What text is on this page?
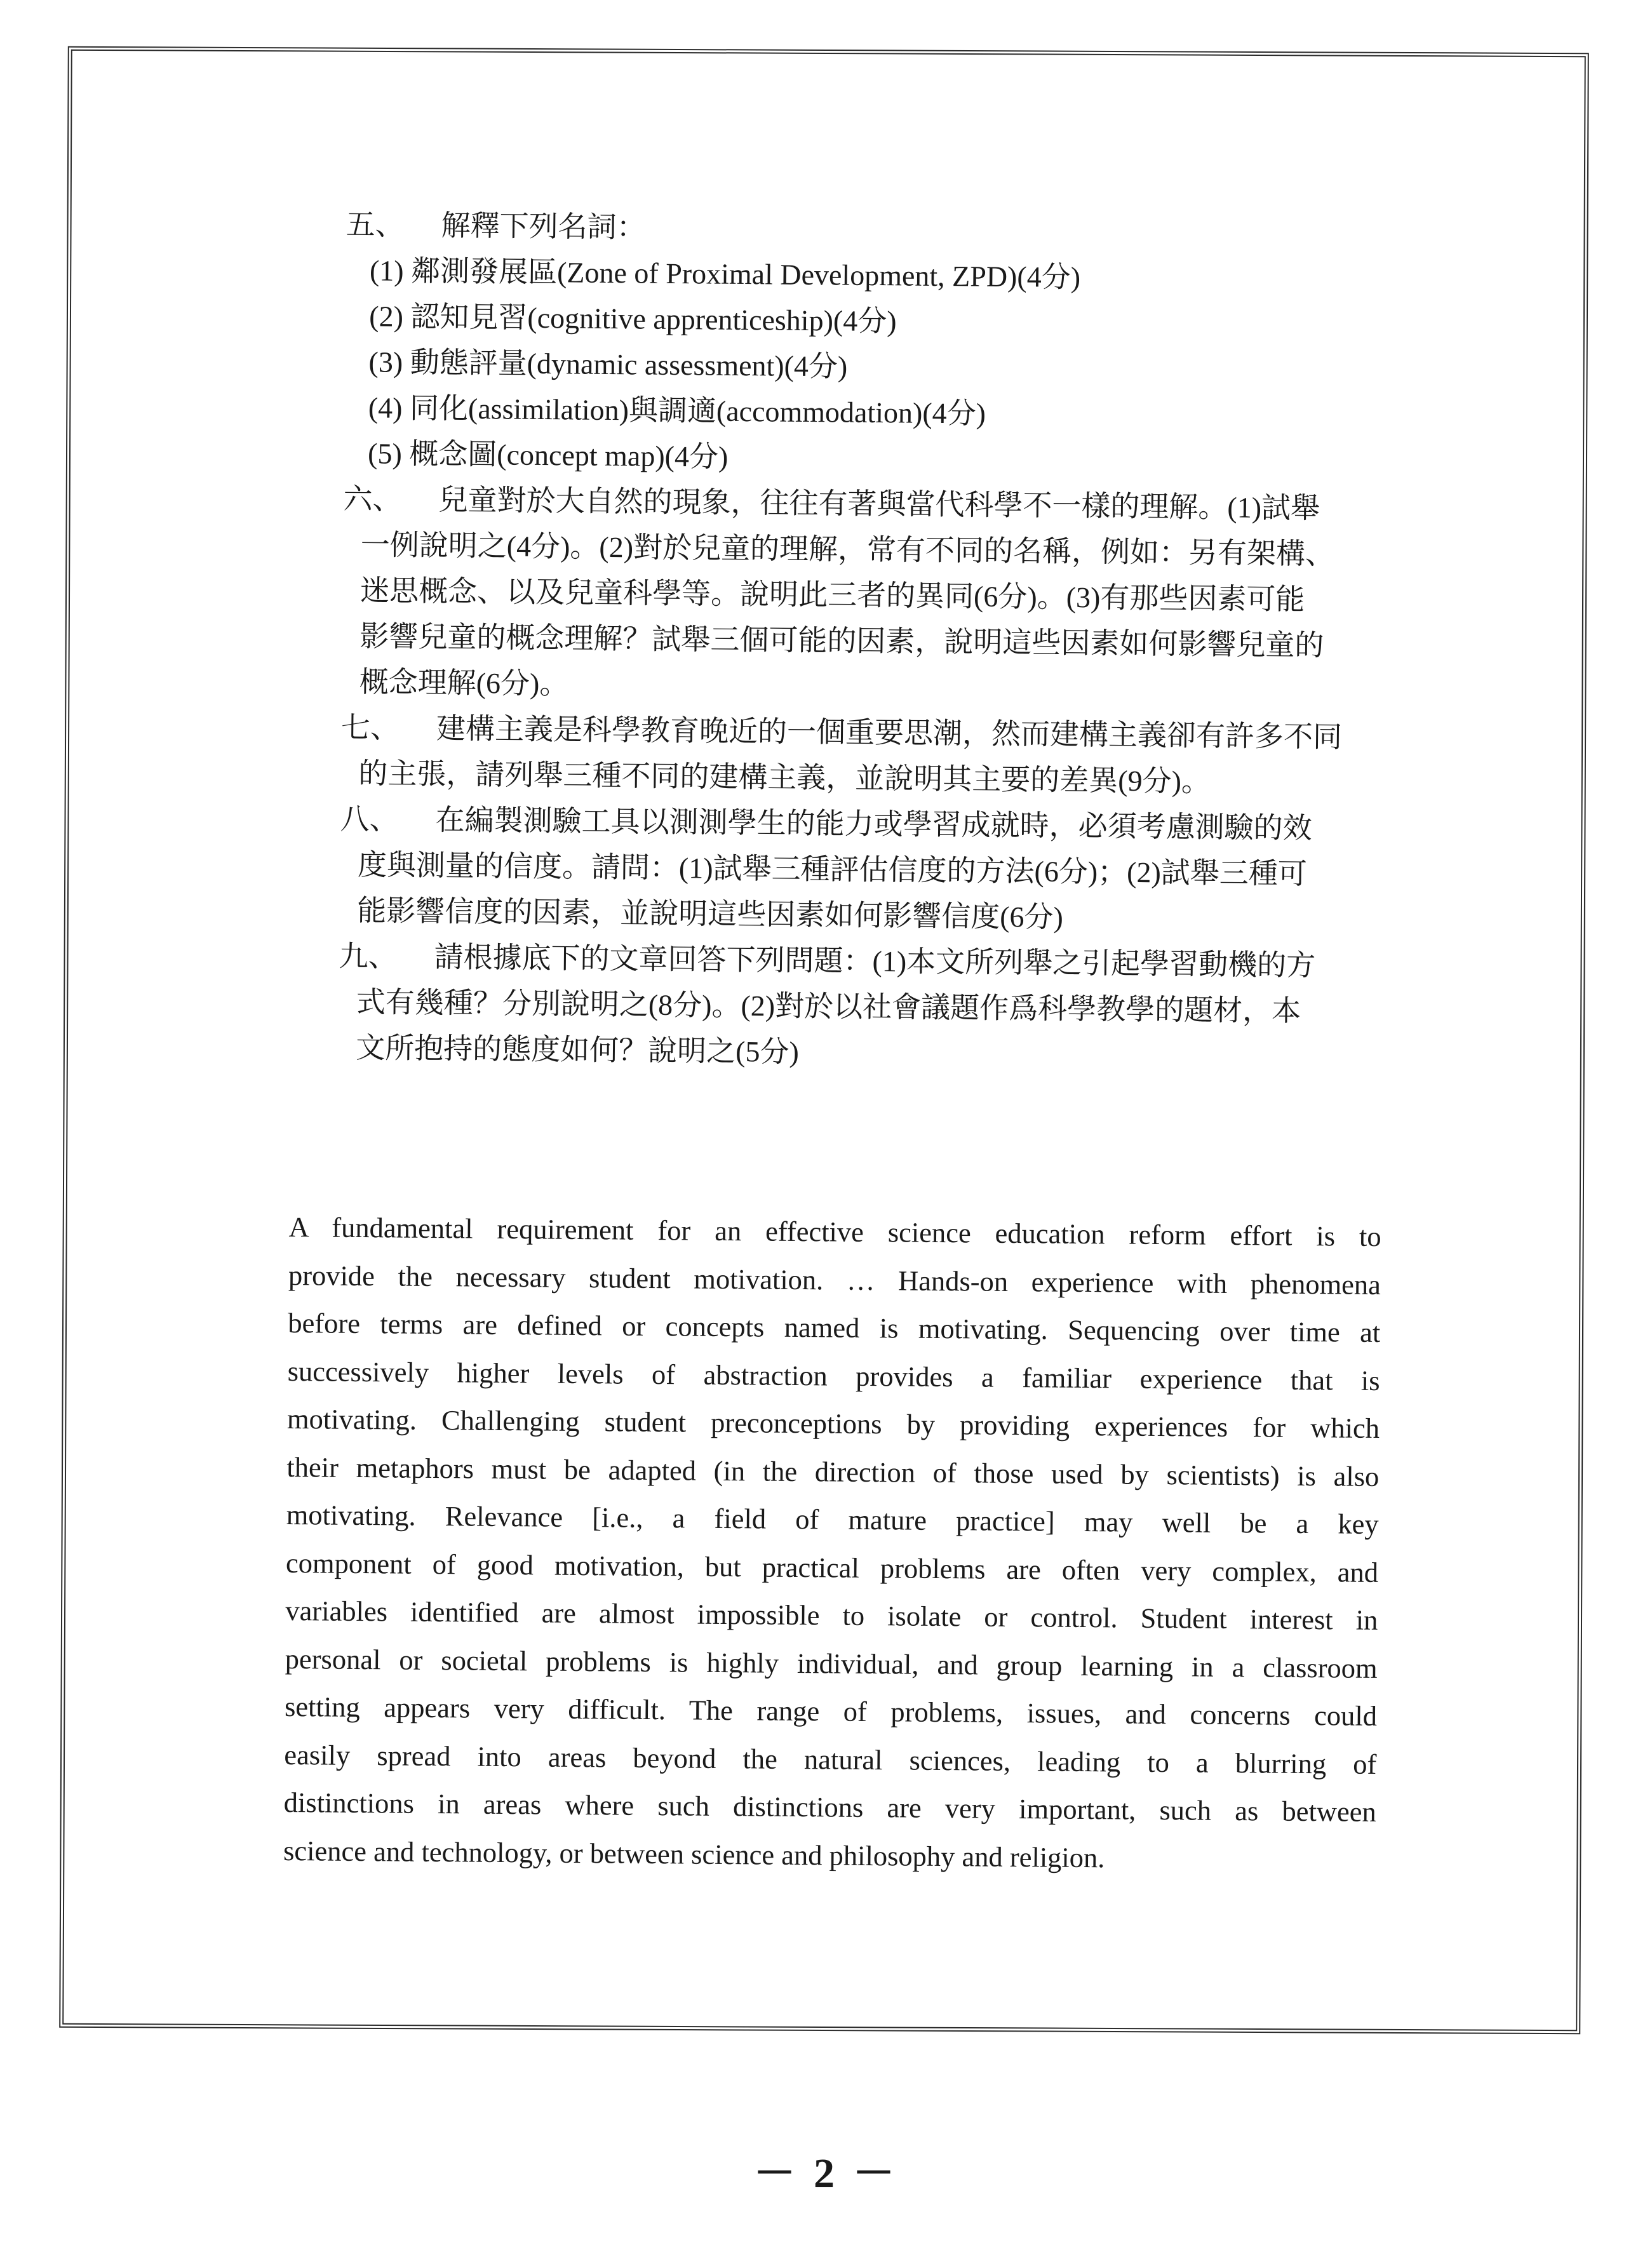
五、	解釋下列名詞：
(1) 鄰測發展區(Zone of Proximal Development, ZPD)(4分)
(2) 認知見習(cognitive apprenticeship)(4分)
(3) 動態評量(dynamic assessment)(4分)
(4) 同化(assimilation)與調適(accommodation)(4分)
(5) 概念圖(concept map)(4分)
六、	兒童對於大自然的現象，往往有著與當代科學不一樣的理解。(1)試舉
一例說明之(4分)。(2)對於兒童的理解，常有不同的名稱，例如：另有架構、
迷思概念、以及兒童科學等。說明此三者的異同(6分)。(3)有那些因素可能
影響兒童的概念理解？試舉三個可能的因素，說明這些因素如何影響兒童的
概念理解(6分)。
七、	建構主義是科學教育晚近的一個重要思潮，然而建構主義卻有許多不同
的主張，請列舉三種不同的建構主義，並說明其主要的差異(9分)。
八、	在編製測驗工具以測測學生的能力或學習成就時，必須考慮測驗的效
度與測量的信度。請問：(1)試舉三種評估信度的方法(6分)；(2)試舉三種可
能影響信度的因素，並說明這些因素如何影響信度(6分)
九、	請根據底下的文章回答下列問題：(1)本文所列舉之引起學習動機的方
式有幾種？分別說明之(8分)。(2)對於以社會議題作爲科學教學的題材，本
文所抱持的態度如何？說明之(5分)
A fundamental requirement for an effective science education reform effort is to
provide the necessary student motivation. … Hands-on experience with phenomena
before terms are defined or concepts named is motivating. Sequencing over time at
successively higher levels of abstraction provides a familiar experience that is
motivating. Challenging student preconceptions by providing experiences for which
their metaphors must be adapted (in the direction of those used by scientists) is also
motivating. Relevance [i.e., a field of mature practice] may well be a key
component of good motivation, but practical problems are often very complex, and
variables identified are almost impossible to isolate or control. Student interest in
personal or societal problems is highly individual, and group learning in a classroom
setting appears very difficult. The range of problems, issues, and concerns could
easily spread into areas beyond the natural sciences, leading to a blurring of
distinctions in areas where such distinctions are very important, such as between
science and technology, or between science and philosophy and religion.
－ 2 －
